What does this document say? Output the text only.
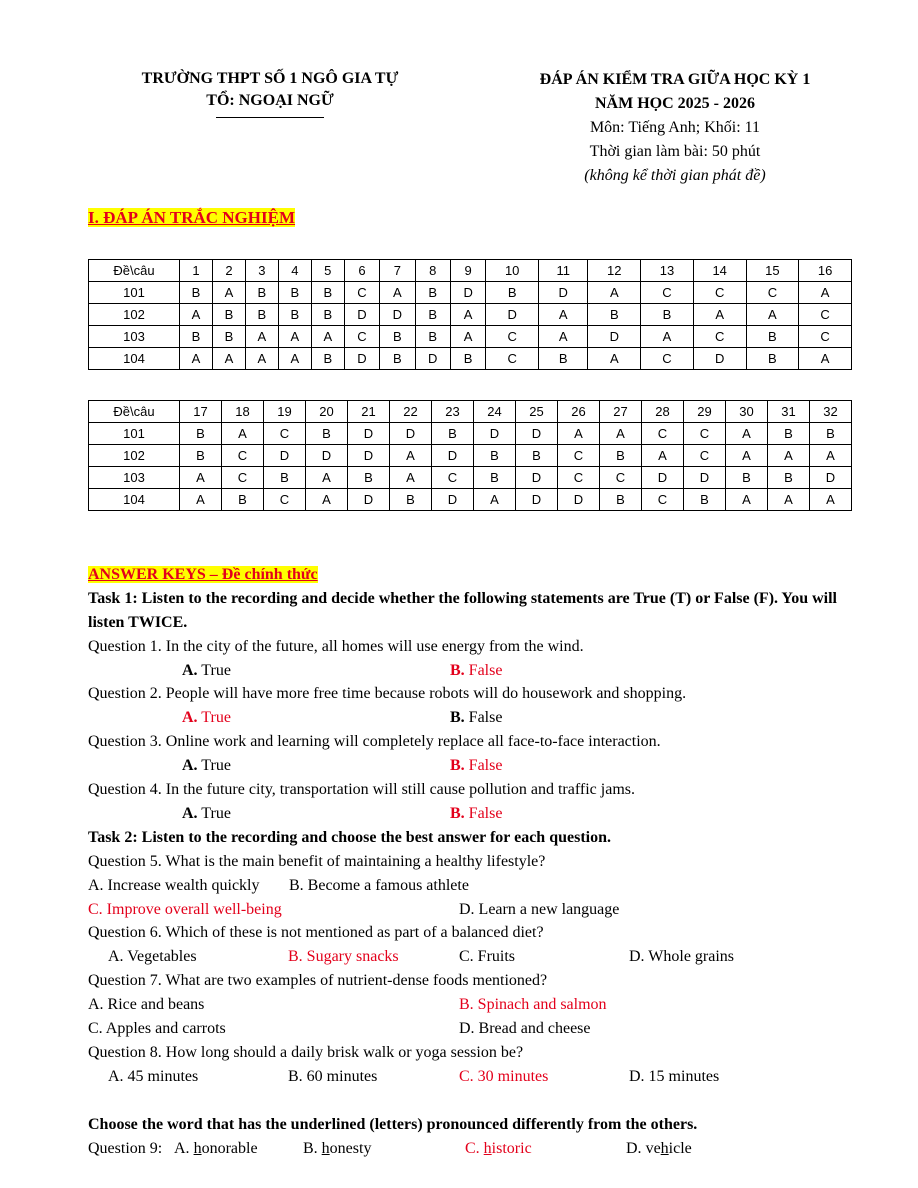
TRƯỜNG THPT SỐ 1 NGÔ GIA TỰ
TỔ: NGOẠI NGỮ
ĐÁP ÁN KIỂM TRA GIỮA HỌC KỲ 1
NĂM HỌC 2025 - 2026
Môn: Tiếng Anh; Khối: 11
Thời gian làm bài: 50 phút
(không kể thời gian phát đề)
I. ĐÁP ÁN TRẮC NGHIỆM
Đề\câu	1	2	3	4	5	6	7	8	9	10	11	12	13	14	15	16
101	B	A	B	B	B	C	A	B	D	B	D	A	C	C	C	A
102	A	B	B	B	B	D	D	B	A	D	A	B	B	A	A	C
103	B	B	A	A	A	C	B	B	A	C	A	D	A	C	B	C
104	A	A	A	A	B	D	B	D	B	C	B	A	C	D	B	A
Đề\câu	17	18	19	20	21	22	23	24	25	26	27	28	29	30	31	32
101	B	A	C	B	D	D	B	D	D	A	A	C	C	A	B	B
102	B	C	D	D	D	A	D	B	B	C	B	A	C	A	A	A
103	A	C	B	A	B	A	C	B	D	C	C	D	D	B	B	D
104	A	B	C	A	D	B	D	A	D	D	B	C	B	A	A	A
ANSWER KEYS – Đề chính thức
Task 1: Listen to the recording and decide whether the following statements are True (T) or False (F). You will listen TWICE.
Question 1. In the city of the future, all homes will use energy from the wind.
A. True	B. False
Question 2. People will have more free time because robots will do housework and shopping.
A. True	B. False
Question 3. Online work and learning will completely replace all face-to-face interaction.
A. True	B. False
Question 4. In the future city, transportation will still cause pollution and traffic jams.
A. True	B. False
Task 2: Listen to the recording and choose the best answer for each question.
Question 5. What is the main benefit of maintaining a healthy lifestyle?
A. Increase wealth quickly B. Become a famous athlete
C. Improve overall well-being	D. Learn a new language
Question 6. Which of these is not mentioned as part of a balanced diet?
A. Vegetables	B. Sugary snacks	C. Fruits	D. Whole grains
Question 7. What are two examples of nutrient-dense foods mentioned?
A. Rice and beans	B. Spinach and salmon
C. Apples and carrots	D. Bread and cheese
Question 8. How long should a daily brisk walk or yoga session be?
A. 45 minutes	B. 60 minutes	C. 30 minutes	D. 15 minutes
Choose the word that has the underlined (letters) pronounced differently from the others.
Question 9: A. honorable	B. honesty	C. historic	D. vehicle
